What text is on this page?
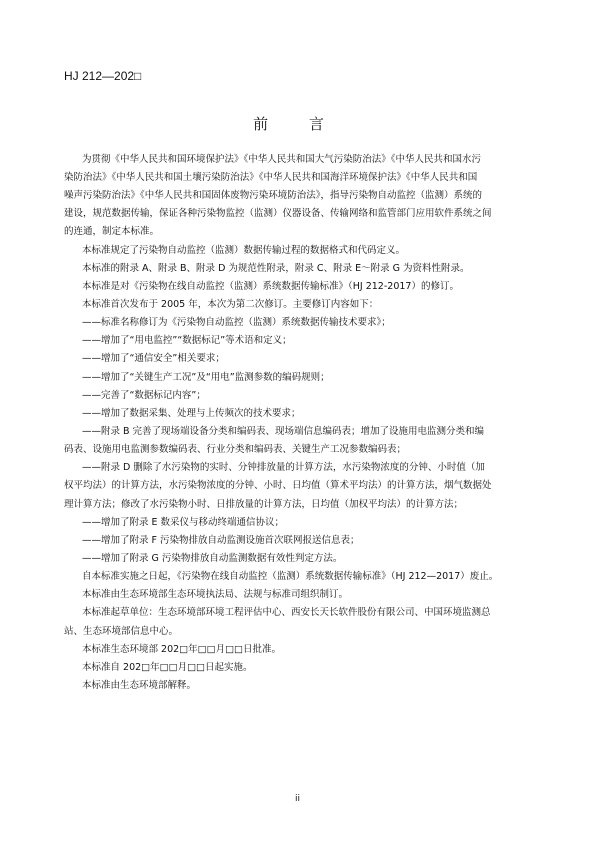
HJ 212—202□
前 言
为贯彻《中华人民共和国环境保护法》《中华人民共和国大气污染防治法》《中华人民共和国水污
染防治法》《中华人民共和国土壤污染防治法》《中华人民共和国海洋环境保护法》《中华人民共和国
噪声污染防治法》《中华人民共和国固体废物污染环境防治法》，指导污染物自动监控（监测）系统的
建设，规范数据传输，保证各种污染物监控（监测）仪器设备、传输网络和监管部门应用软件系统之间
的连通，制定本标准。
本标准规定了污染物自动监控（监测）数据传输过程的数据格式和代码定义。
本标准的附录 A、附录 B、附录 D 为规范性附录，附录 C、附录 E～附录 G 为资料性附录。
本标准是对《污染物在线自动监控（监测）系统数据传输标准》（HJ 212-2017）的修订。
本标准首次发布于 2005 年，本次为第二次修订。主要修订内容如下：
——标准名称修订为《污染物自动监控（监测）系统数据传输技术要求》；
——增加了“用电监控”“数据标记”等术语和定义；
——增加了“通信安全”相关要求；
——增加了“关键生产工况”及“用电”监测参数的编码规则；
——完善了“数据标记内容”；
——增加了数据采集、处理与上传频次的技术要求；
——附录 B 完善了现场端设备分类和编码表、现场端信息编码表；增加了设施用电监测分类和编
码表、设施用电监测参数编码表、行业分类和编码表、关键生产工况参数编码表；
——附录 D 删除了水污染物的实时、分钟排放量的计算方法，水污染物浓度的分钟、小时值（加
权平均法）的计算方法，水污染物浓度的分钟、小时、日均值（算术平均法）的计算方法，烟气数据处
理计算方法；修改了水污染物小时、日排放量的计算方法，日均值（加权平均法）的计算方法；
——增加了附录 E 数采仪与移动终端通信协议；
——增加了附录 F 污染物排放自动监测设施首次联网报送信息表；
——增加了附录 G 污染物排放自动监测数据有效性判定方法。
自本标准实施之日起，《污染物在线自动监控（监测）系统数据传输标准》（HJ 212—2017）废止。
本标准由生态环境部生态环境执法局、法规与标准司组织制订。
本标准起草单位：生态环境部环境工程评估中心、西安长天长软件股份有限公司、中国环境监测总
站、生态环境部信息中心。
本标准生态环境部 202□年□□月□□日批准。
本标准自 202□年□□月□□日起实施。
本标准由生态环境部解释。
ii
